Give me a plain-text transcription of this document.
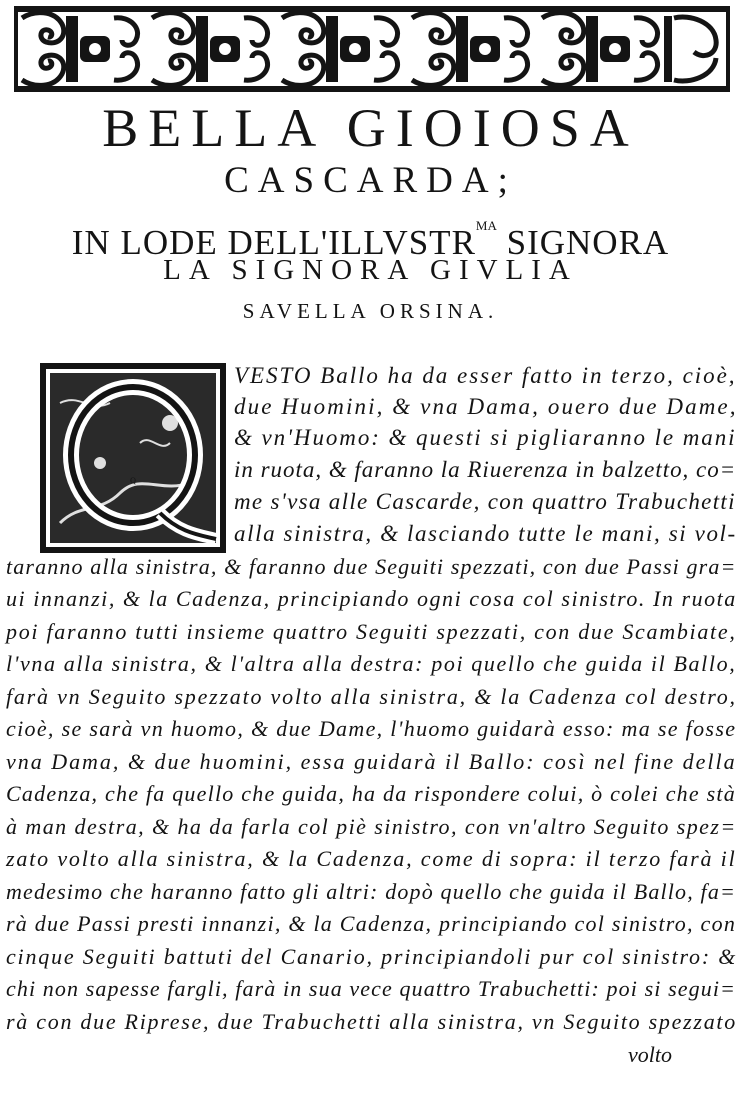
BELLA GIOIOSA
CASCARDA;
IN LODE $DELL'ILLVSTR^{MA}$ SIGNORA
LA SIGNORA GIVLIA
SAVELLA ORSINA.
Q
VESTO Ballo ha da esser fatto in terzo, cioè,
due Huomini, & vna Dama, ouero due Dame,
& vn'Huomo: & questi si pigliaranno le mani
in ruota, & faranno la Riuerenza in balzetto, co=
me s'vsa alle Cascarde, con quattro Trabuchetti
alla sinistra, & lasciando tutte le mani, si vol-
taranno alla sinistra, & faranno due Seguiti spezzati, con due Passi gra=
ui innanzi, & la Cadenza, principiando ogni cosa col sinistro. In ruota
poi faranno tutti insieme quattro Seguiti spezzati, con due Scambiate,
l'vna alla sinistra, & l'altra alla destra: poi quello che guida il Ballo,
farà vn Seguito spezzato volto alla sinistra, & la Cadenza col destro,
cioè, se sarà vn huomo, & due Dame, l'huomo guidarà esso: ma se fosse
vna Dama, & due huomini, essa guidarà il Ballo: così nel fine della
Cadenza, che fa quello che guida, ha da rispondere colui, ò colei che stà
à man destra, & ha da farla col piè sinistro, con vn'altro Seguito spez=
zato volto alla sinistra, & la Cadenza, come di sopra: il terzo farà il
medesimo che haranno fatto gli altri: dopò quello che guida il Ballo, fa=
rà due Passi presti innanzi, & la Cadenza, principiando col sinistro, con
cinque Seguiti battuti del Canario, principiandoli pur col sinistro: &
chi non sapesse fargli, farà in sua vece quattro Trabuchetti: poi si segui=
rà con due Riprese, due Trabuchetti alla sinistra, vn Seguito spezzato
volto
